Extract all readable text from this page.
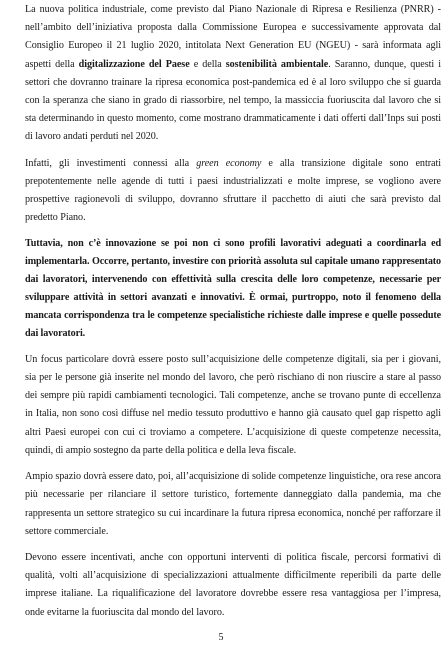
La nuova politica industriale, come previsto dal Piano Nazionale di Ripresa e Resilienza (PNRR) - nell’ambito dell’iniziativa proposta dalla Commissione Europea e successivamente approvata dal Consiglio Europeo il 21 luglio 2020, intitolata Next Generation EU (NGEU) - sarà informata agli aspetti della digitalizzazione del Paese e della sostenibilità ambientale. Saranno, dunque, questi i settori che dovranno trainare la ripresa economica post-pandemica ed è al loro sviluppo che si guarda con la speranza che siano in grado di riassorbire, nel tempo, la massiccia fuoriuscita dal lavoro che si sta determinando in questo momento, come mostrano drammaticamente i dati offerti dall’Inps sui posti di lavoro andati perduti nel 2020.

Infatti, gli investimenti connessi alla green economy e alla transizione digitale sono entrati prepotentemente nelle agende di tutti i paesi industrializzati e molte imprese, se vogliono avere prospettive ragionevoli di sviluppo, dovranno sfruttare il pacchetto di aiuti che sarà previsto dal predetto Piano.

Tuttavia, non c’è innovazione se poi non ci sono profili lavorativi adeguati a coordinarla ed implementarla. Occorre, pertanto, investire con priorità assoluta sul capitale umano rappresentato dai lavoratori, intervenendo con effettività sulla crescita delle loro competenze, necessarie per sviluppare attività in settori avanzati e innovativi. È ormai, purtroppo, noto il fenomeno della mancata corrispondenza tra le competenze specialistiche richieste dalle imprese e quelle possedute dai lavoratori.

Un focus particolare dovrà essere posto sull’acquisizione delle competenze digitali, sia per i giovani, sia per le persone già inserite nel mondo del lavoro, che però rischiano di non riuscire a stare al passo dei sempre più rapidi cambiamenti tecnologici. Tali competenze, anche se trovano punte di eccellenza in Italia, non sono così diffuse nel medio tessuto produttivo e hanno già causato quel gap rispetto agli altri Paesi europei con cui ci troviamo a competere. L’acquisizione di queste competenze necessita, quindi, di ampio sostegno da parte della politica e della leva fiscale.

Ampio spazio dovrà essere dato, poi, all’acquisizione di solide competenze linguistiche, ora rese ancora più necessarie per rilanciare il settore turistico, fortemente danneggiato dalla pandemia, ma che rappresenta un settore strategico su cui incardinare la futura ripresa economica, nonché per rafforzare il settore commerciale.

Devono essere incentivati, anche con opportuni interventi di politica fiscale, percorsi formativi di qualità, volti all’acquisizione di specializzazioni attualmente difficilmente reperibili da parte delle imprese italiane. La riqualificazione del lavoratore dovrebbe essere resa vantaggiosa per l’impresa, onde evitarne la fuoriuscita dal mondo del lavoro.

5
